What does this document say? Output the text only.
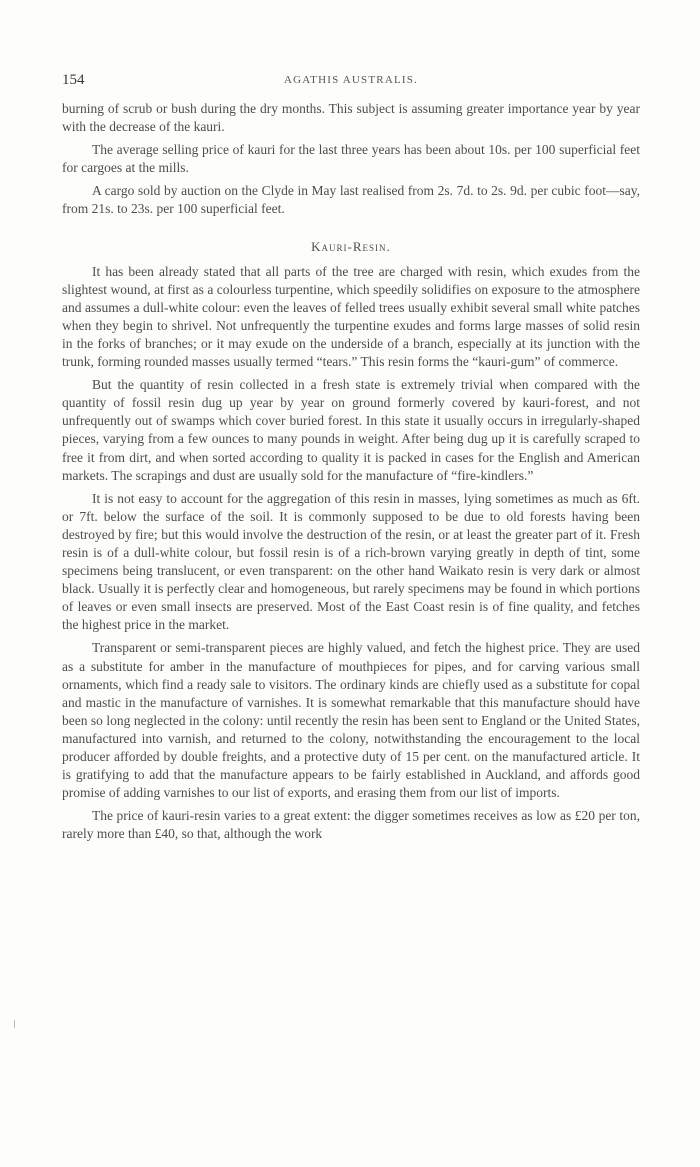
154	AGATHIS AUSTRALIS.

burning of scrub or bush during the dry months. This subject is assuming greater importance year by year with the decrease of the kauri.

The average selling price of kauri for the last three years has been about 10s. per 100 superficial feet for cargoes at the mills.

A cargo sold by auction on the Clyde in May last realised from 2s. 7d. to 2s. 9d. per cubic foot—say, from 21s. to 23s. per 100 superficial feet.

Kauri-Resin.

It has been already stated that all parts of the tree are charged with resin, which exudes from the slightest wound, at first as a colourless turpentine, which speedily solidifies on exposure to the atmosphere and assumes a dull-white colour: even the leaves of felled trees usually exhibit several small white patches when they begin to shrivel. Not unfrequently the turpentine exudes and forms large masses of solid resin in the forks of branches; or it may exude on the underside of a branch, especially at its junction with the trunk, forming rounded masses usually termed “tears.” This resin forms the “kauri-gum” of commerce.

But the quantity of resin collected in a fresh state is extremely trivial when compared with the quantity of fossil resin dug up year by year on ground formerly covered by kauri-forest, and not unfrequently out of swamps which cover buried forest. In this state it usually occurs in irregularly-shaped pieces, varying from a few ounces to many pounds in weight. After being dug up it is carefully scraped to free it from dirt, and when sorted according to quality it is packed in cases for the English and American markets. The scrapings and dust are usually sold for the manufacture of “fire-kindlers.”

It is not easy to account for the aggregation of this resin in masses, lying sometimes as much as 6ft. or 7ft. below the surface of the soil. It is commonly supposed to be due to old forests having been destroyed by fire; but this would involve the destruction of the resin, or at least the greater part of it. Fresh resin is of a dull-white colour, but fossil resin is of a rich-brown varying greatly in depth of tint, some specimens being translucent, or even transparent: on the other hand Waikato resin is very dark or almost black. Usually it is perfectly clear and homogeneous, but rarely specimens may be found in which portions of leaves or even small insects are preserved. Most of the East Coast resin is of fine quality, and fetches the highest price in the market.

Transparent or semi-transparent pieces are highly valued, and fetch the highest price. They are used as a substitute for amber in the manufacture of mouthpieces for pipes, and for carving various small ornaments, which find a ready sale to visitors. The ordinary kinds are chiefly used as a substitute for copal and mastic in the manufacture of varnishes. It is somewhat remarkable that this manufacture should have been so long neglected in the colony: until recently the resin has been sent to England or the United States, manufactured into varnish, and returned to the colony, notwithstanding the encouragement to the local producer afforded by double freights, and a protective duty of 15 per cent. on the manufactured article. It is gratifying to add that the manufacture appears to be fairly established in Auckland, and affords good promise of adding varnishes to our list of exports, and erasing them from our list of imports.

The price of kauri-resin varies to a great extent: the digger sometimes receives as low as £20 per ton, rarely more than £40, so that, although the work
